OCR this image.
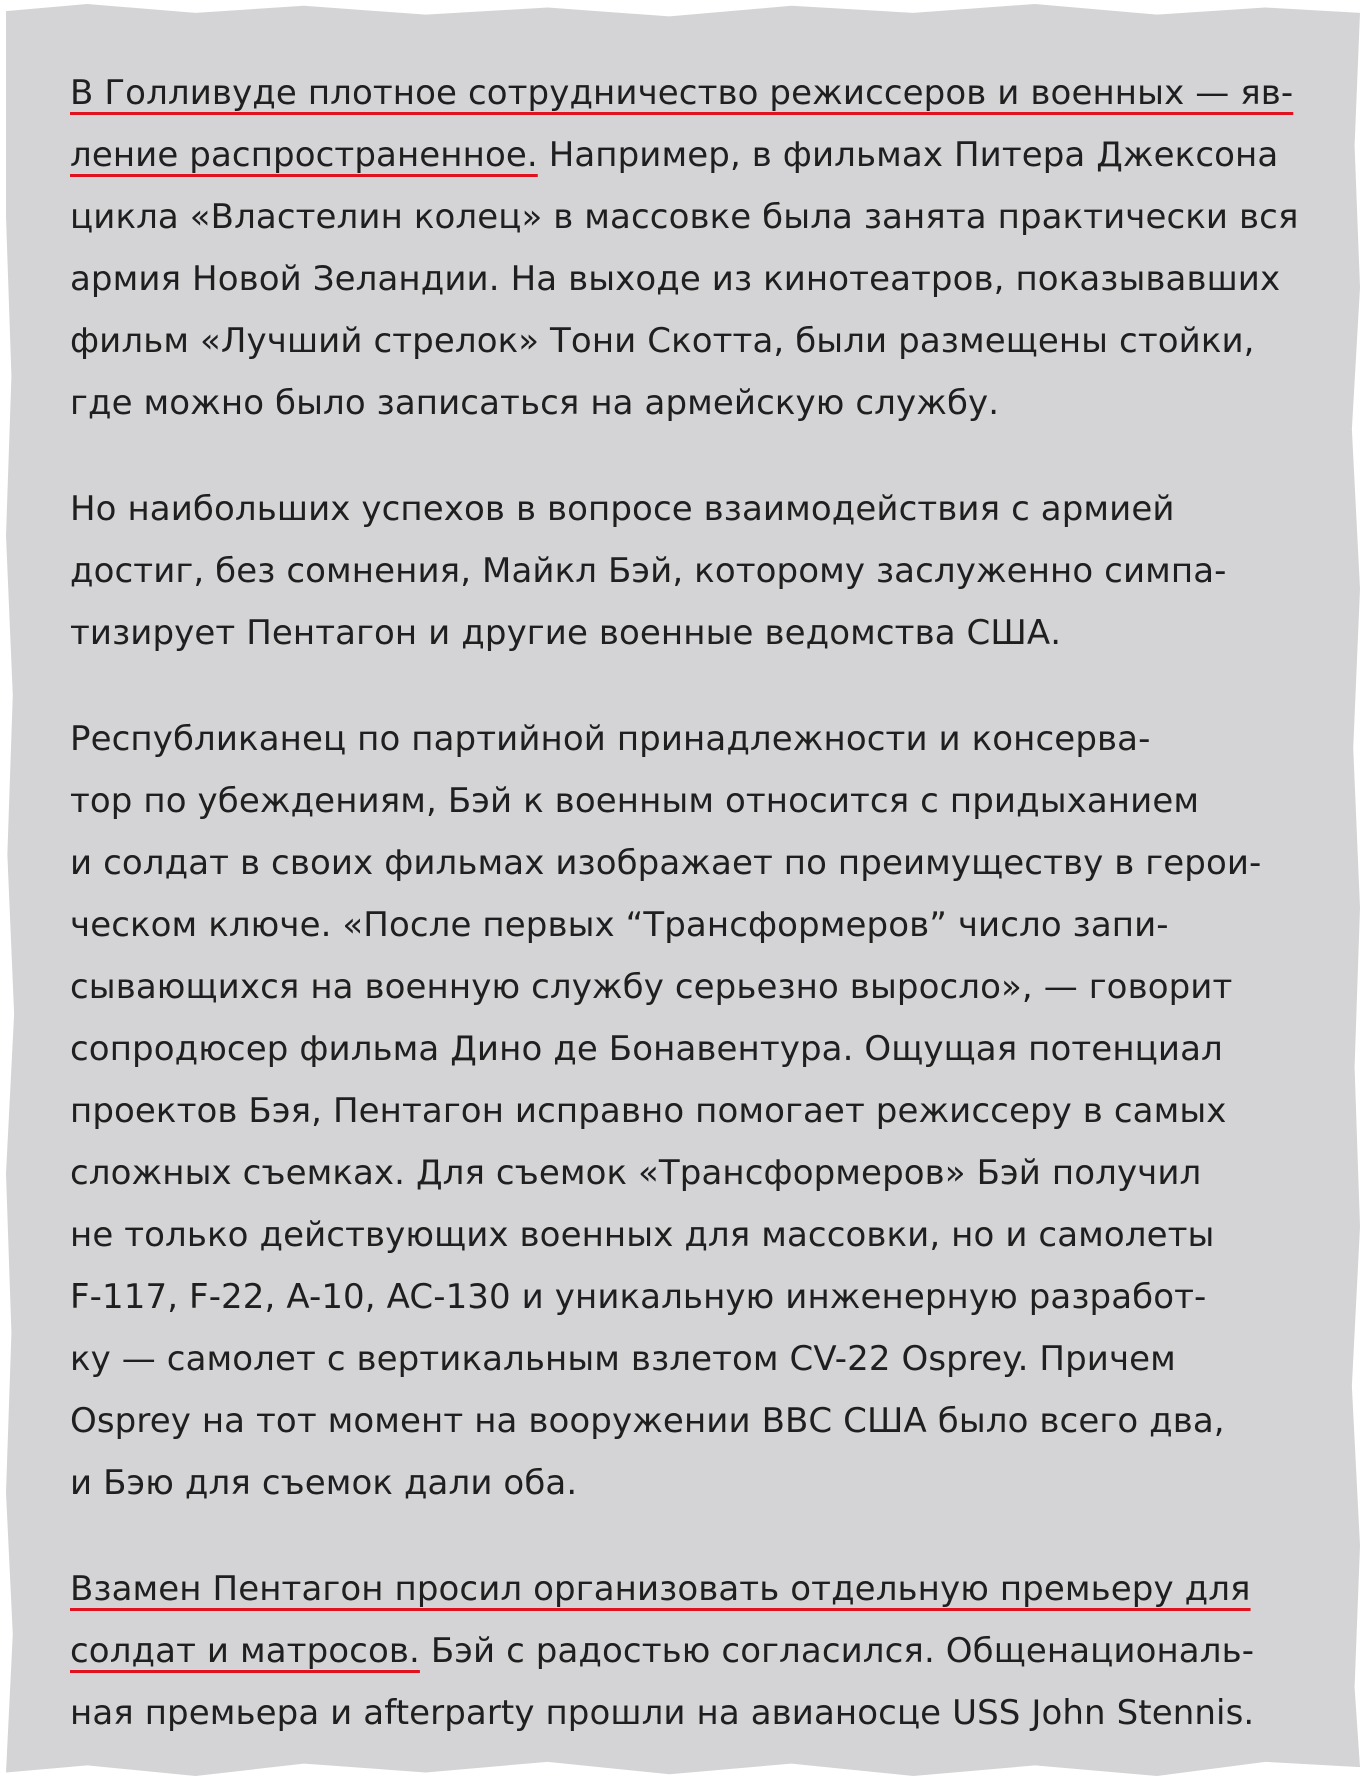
В Голливуде плотное сотрудничество режиссеров и военных — яв-
ление распространенное. Например, в фильмах Питера Джексона
цикла «Властелин колец» в массовке была занята практически вся
армия Новой Зеландии. На выходе из кинотеатров, показывавших
фильм «Лучший стрелок» Тони Скотта, были размещены стойки,
где можно было записаться на армейскую службу.
Но наибольших успехов в вопросе взаимодействия с армией
достиг, без сомнения, Майкл Бэй, которому заслуженно симпа-
тизирует Пентагон и другие военные ведомства США.
Республиканец по партийной принадлежности и консерва-
тор по убеждениям, Бэй к военным относится с придыханием
и солдат в своих фильмах изображает по преимуществу в герои-
ческом ключе. «После первых “Трансформеров” число запи-
сывающихся на военную службу серьезно выросло», — говорит
сопродюсер фильма Дино де Бонавентура. Ощущая потенциал
проектов Бэя, Пентагон исправно помогает режиссеру в самых
сложных съемках. Для съемок «Трансформеров» Бэй получил
не только действующих военных для массовки, но и самолеты
F-117, F-22, A-10, AC-130 и уникальную инженерную разработ-
ку — самолет с вертикальным взлетом CV-22 Osprey. Причем
Osprey на тот момент на вооружении ВВС США было всего два,
и Бэю для съемок дали оба.
Взамен Пентагон просил организовать отдельную премьеру для
солдат и матросов. Бэй с радостью согласился. Общенациональ-
ная премьера и afterparty прошли на авианосце USS John Stennis.
